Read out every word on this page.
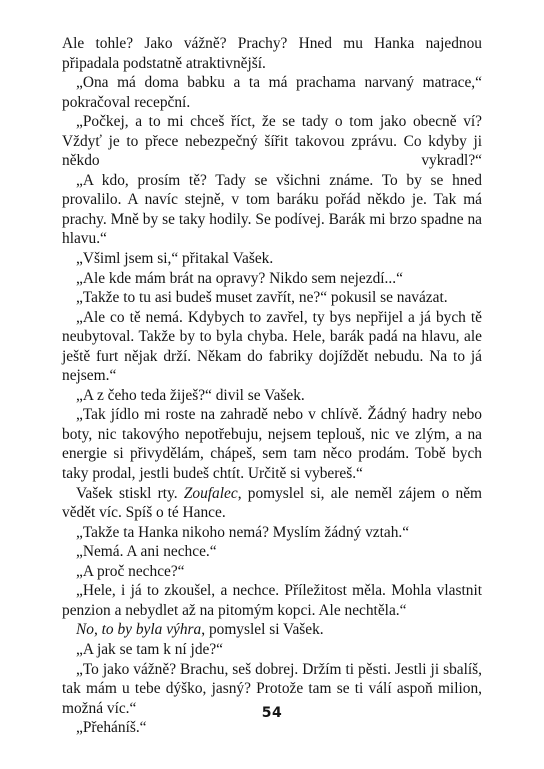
Ale tohle? Jako vážně? Prachy? Hned mu Hanka najednou připadala podstatně atraktivnější.

„Ona má doma babku a ta má prachama narvaný matrace,“ pokračoval recepční.

„Počkej, a to mi chceš říct, že se tady o tom jako obecně ví? Vždyť je to přece nebezpečný šířit takovou zprávu. Co kdyby ji někdo vykradl?“

„A kdo, prosím tě? Tady se všichni známe. To by se hned provalilo. A navíc stejně, v tom baráku pořád někdo je. Tak má prachy. Mně by se taky hodily. Se podívej. Barák mi brzo spadne na hlavu.“

„Všiml jsem si,“ přitakal Vašek.

„Ale kde mám brát na opravy? Nikdo sem nejezdí...“

„Takže to tu asi budeš muset zavřít, ne?“ pokusil se navázat.

„Ale co tě nemá. Kdybych to zavřel, ty bys nepřijel a já bych tě neubytoval. Takže by to byla chyba. Hele, barák padá na hlavu, ale ještě furt nějak drží. Někam do fabriky dojíždět nebudu. Na to já nejsem.“

„A z čeho teda žiješ?“ divil se Vašek.

„Tak jídlo mi roste na zahradě nebo v chlívě. Žádný hadry nebo boty, nic takovýho nepotřebuju, nejsem teplouš, nic ve zlým, a na energie si přivydělám, chápeš, sem tam něco prodám. Tobě bych taky prodal, jestli budeš chtít. Určitě si vybereš.“

Vašek stiskl rty. Zoufalec, pomyslel si, ale neměl zájem o něm vědět víc. Spíš o té Hance.

„Takže ta Hanka nikoho nemá? Myslím žádný vztah.“

„Nemá. A ani nechce.“

„A proč nechce?“

„Hele, i já to zkoušel, a nechce. Příležitost měla. Mohla vlastnit penzion a nebydlet až na pitomým kopci. Ale nechtěla.“

No, to by byla výhra, pomyslel si Vašek.

„A jak se tam k ní jde?“

„To jako vážně? Brachu, seš dobrej. Držím ti pěsti. Jestli ji sbalíš, tak mám u tebe dýško, jasný? Protože tam se ti válí aspoň milion, možná víc.“

„Přeháníš.“

54
